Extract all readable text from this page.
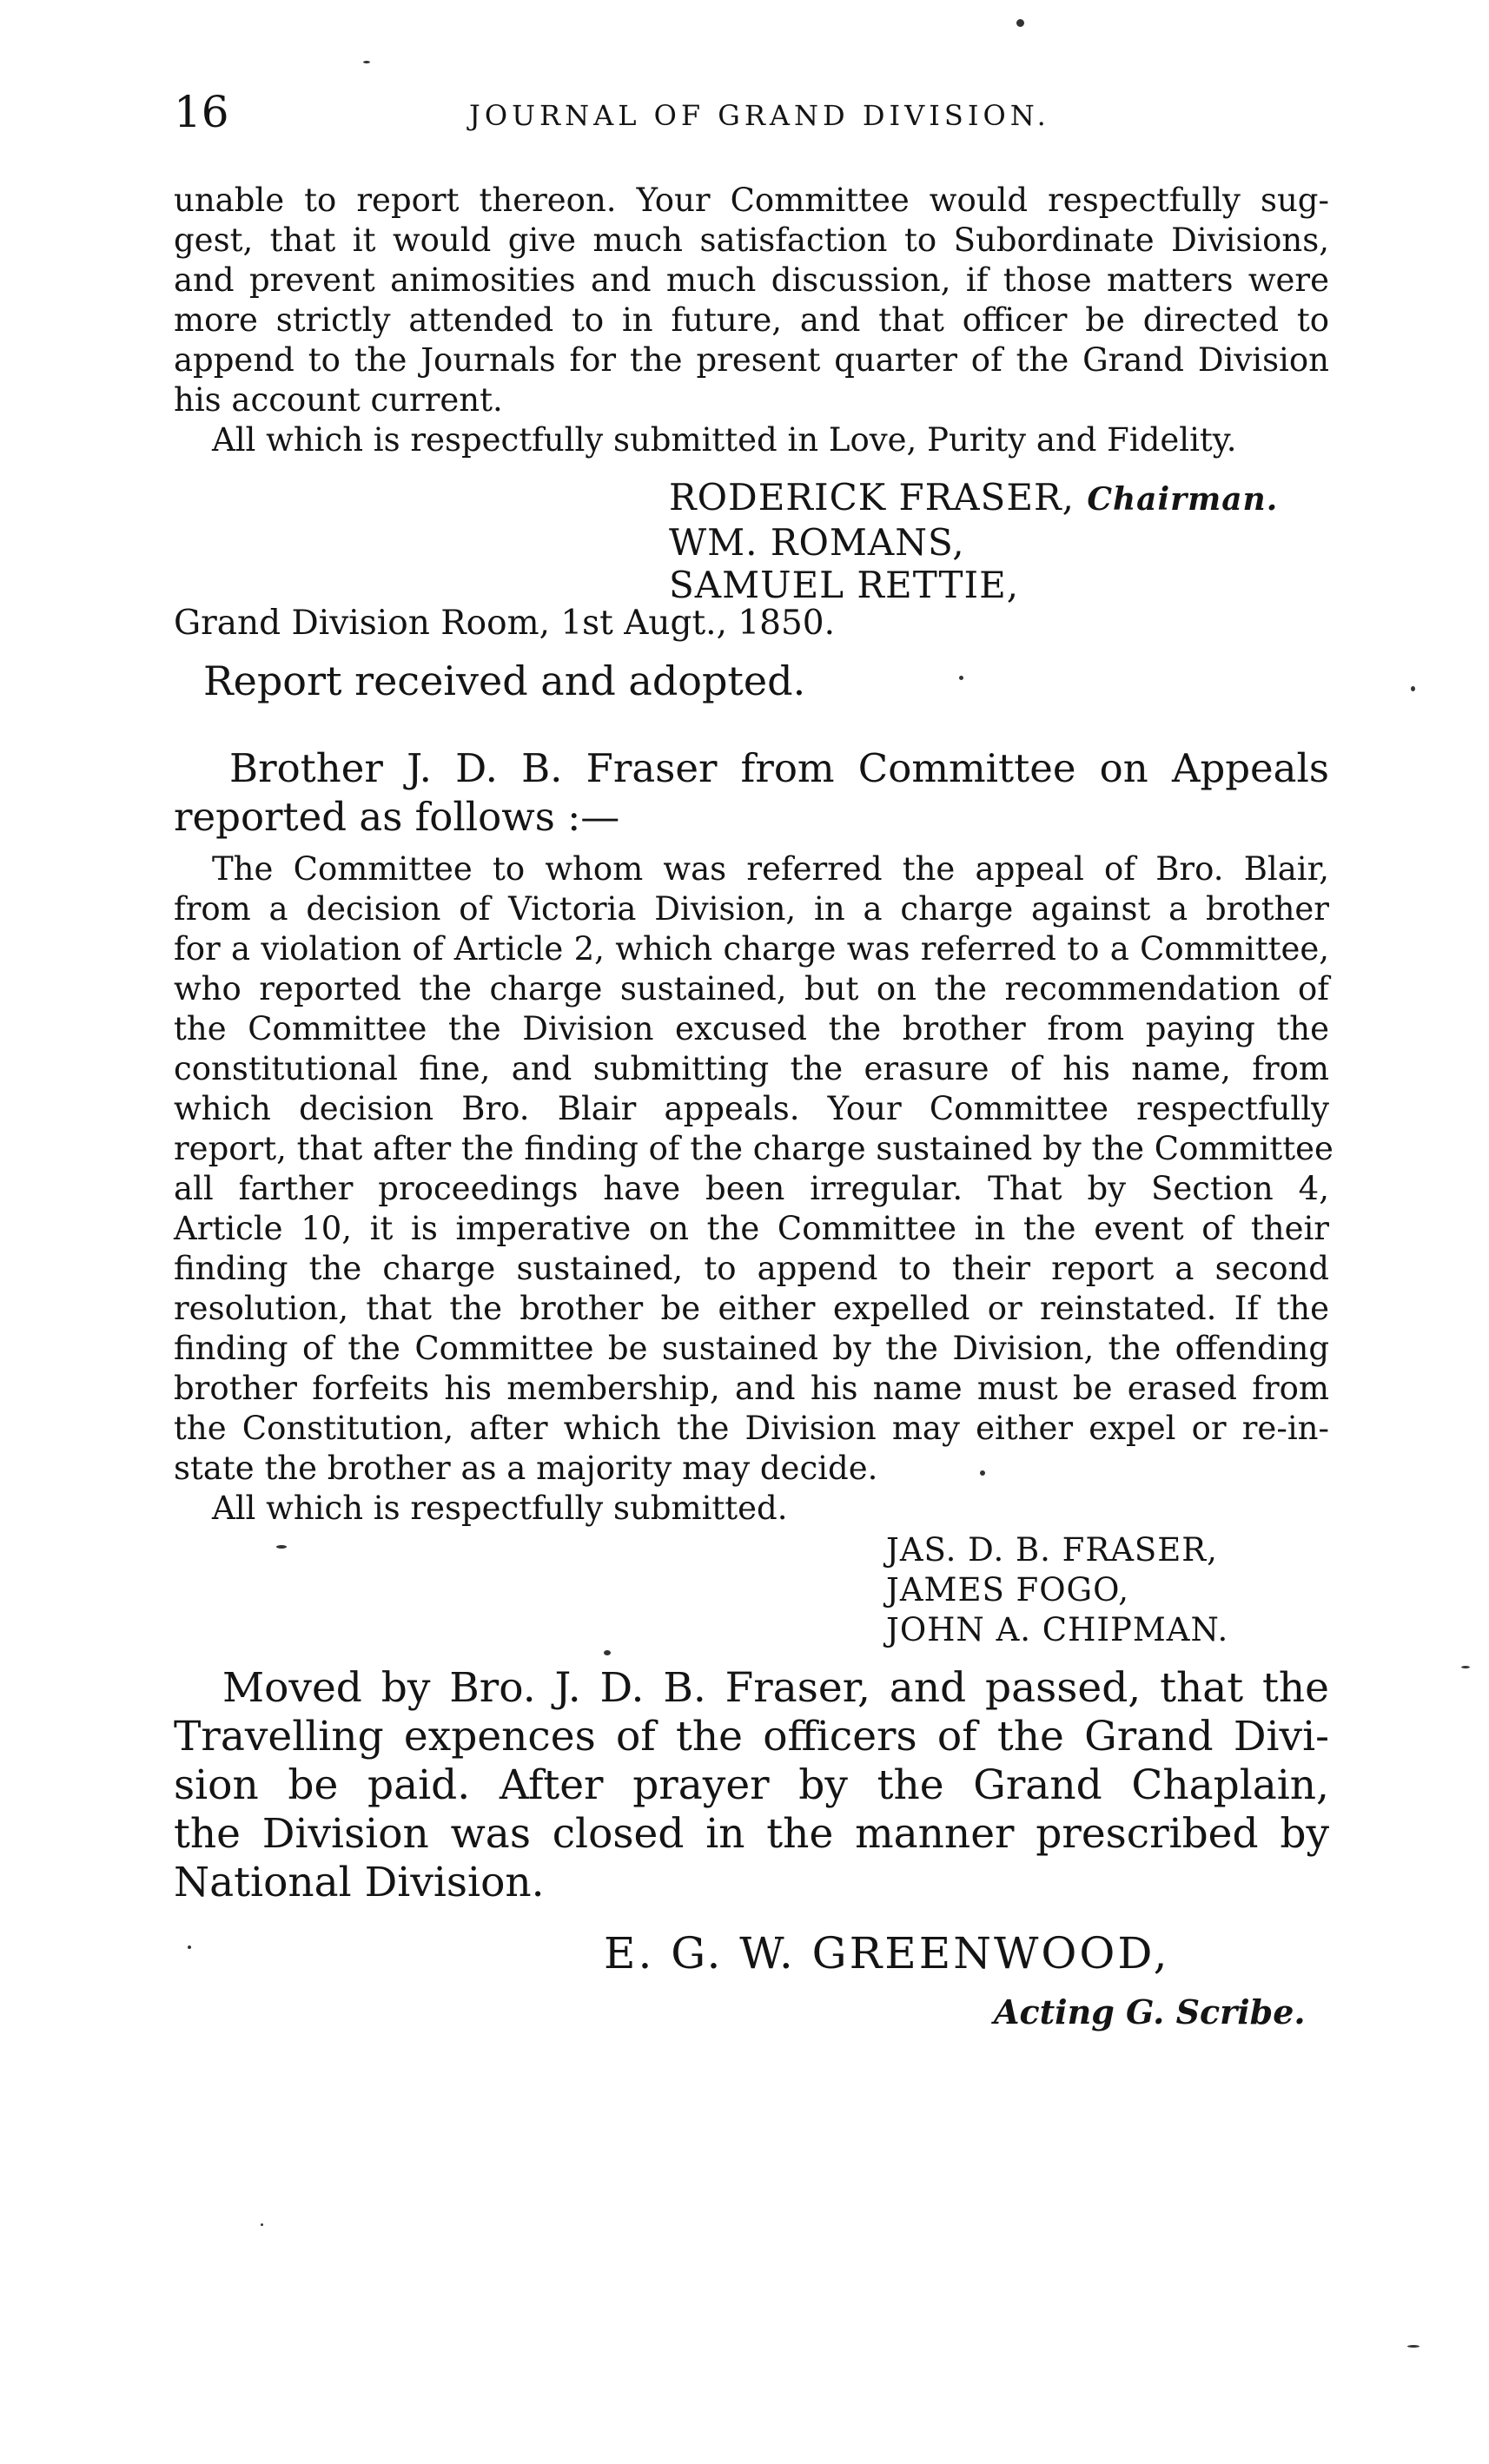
16	JOURNAL OF GRAND DIVISION.
unable to report thereon. Your Committee would respectfully sug-
gest, that it would give much satisfaction to Subordinate Divisions,
and prevent animosities and much discussion, if those matters were
more strictly attended to in future, and that officer be directed to
append to the Journals for the present quarter of the Grand Division
his account current.
All which is respectfully submitted in Love, Purity and Fidelity.
RODERICK FRASER, Chairman.
WM. ROMANS,
SAMUEL RETTIE,
Grand Division Room, 1st Augt., 1850.
Report received and adopted.
Brother J. D. B. Fraser from Committee on Appeals
reported as follows :—
The Committee to whom was referred the appeal of Bro. Blair,
from a decision of Victoria Division, in a charge against a brother
for a violation of Article 2, which charge was referred to a Committee,
who reported the charge sustained, but on the recommendation of
the Committee the Division excused the brother from paying the
constitutional fine, and submitting the erasure of his name, from
which decision Bro. Blair appeals. Your Committee respectfully
report, that after the finding of the charge sustained by the Committee
all farther proceedings have been irregular. That by Section 4,
Article 10, it is imperative on the Committee in the event of their
finding the charge sustained, to append to their report a second
resolution, that the brother be either expelled or reinstated. If the
finding of the Committee be sustained by the Division, the offending
brother forfeits his membership, and his name must be erased from
the Constitution, after which the Division may either expel or re-in-
state the brother as a majority may decide.
All which is respectfully submitted.
JAS. D. B. FRASER,
JAMES FOGO,
JOHN A. CHIPMAN.
Moved by Bro. J. D. B. Fraser, and passed, that the
Travelling expences of the officers of the Grand Divi-
sion be paid. After prayer by the Grand Chaplain,
the Division was closed in the manner prescribed by
National Division.
E. G. W. GREENWOOD,
Acting G. Scribe.
